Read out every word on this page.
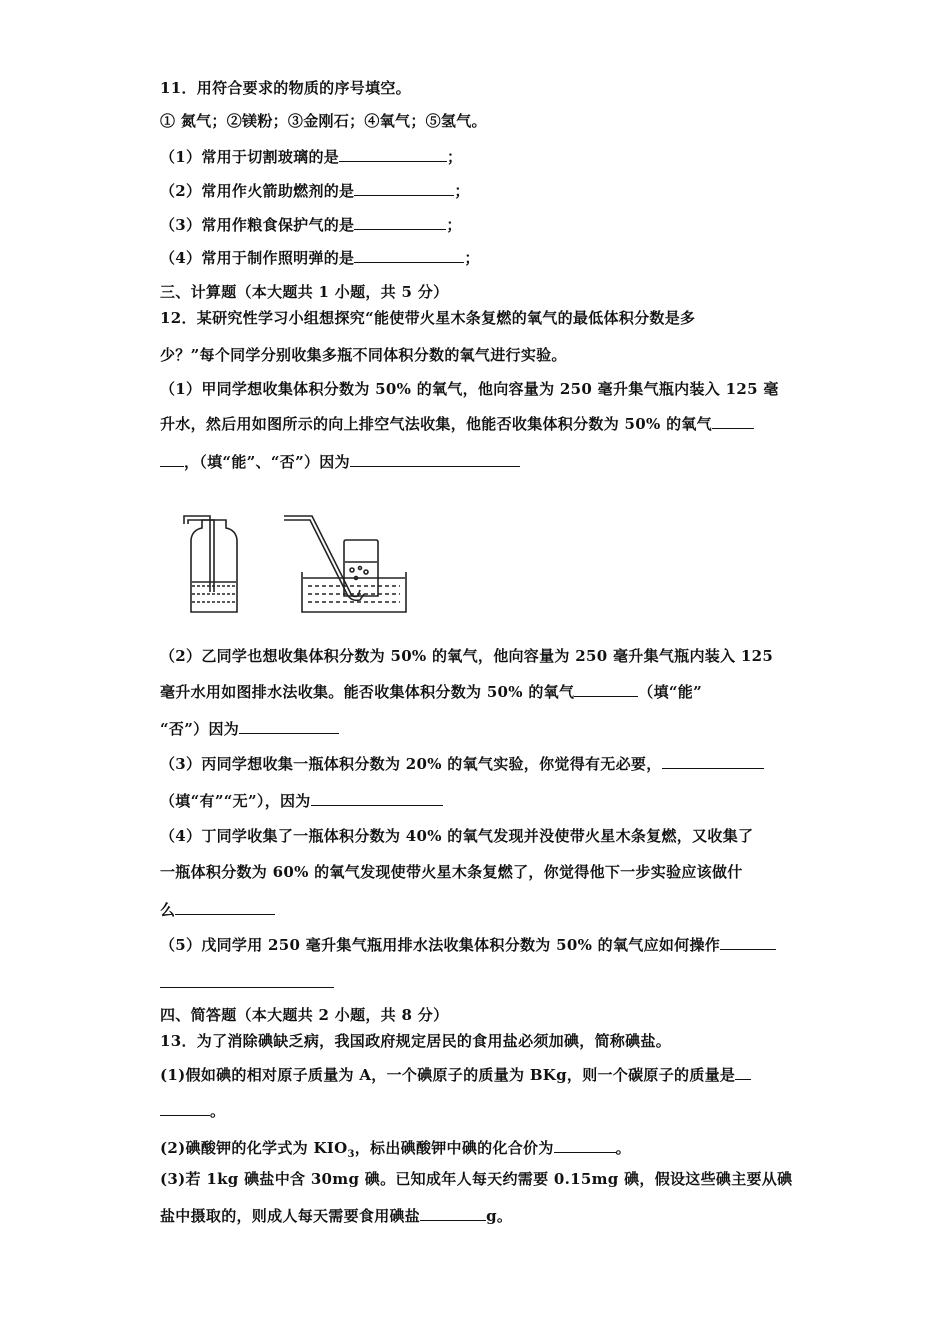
11．用符合要求的物质的序号填空。
① 氮气；②镁粉；③金刚石；④氧气；⑤氢气。
（1）常用于切割玻璃的是	；
（2）常用作火箭助燃剂的是	；
（3）常用作粮食保护气的是	；
（4）常用于制作照明弹的是	；
三、计算题（本大题共 1 小题，共 5 分）
12．某研究性学习小组想探究“能使带火星木条复燃的氧气的最低体积分数是多
少？”每个同学分别收集多瓶不同体积分数的氧气进行实验。
（1）甲同学想收集体积分数为 50% 的氧气，他向容量为 250 毫升集气瓶内装入 125 毫
升水，然后用如图所示的向上排空气法收集，他能否收集体积分数为 50% 的氧气
，（填“能”、“否”）因为
（2）乙同学也想收集体积分数为 50% 的氧气，他向容量为 250 毫升集气瓶内装入 125
毫升水用如图排水法收集。能否收集体积分数为 50% 的氧气	（填“能”
“否”）因为
（3）丙同学想收集一瓶体积分数为 20% 的氧气实验，你觉得有无必要，
（填“有”“无”），因为
（4）丁同学收集了一瓶体积分数为 40% 的氧气发现并没使带火星木条复燃，又收集了
一瓶体积分数为 60% 的氧气发现使带火星木条复燃了，你觉得他下一步实验应该做什
么
（5）戊同学用 250 毫升集气瓶用排水法收集体积分数为 50% 的氧气应如何操作
四、简答题（本大题共 2 小题，共 8 分）
13．为了消除碘缺乏病，我国政府规定居民的食用盐必须加碘，简称碘盐。
(1)假如碘的相对原子质量为 A，一个碘原子的质量为 BKg，则一个碳原子的质量是
。
(2)碘酸钾的化学式为 $KIO_3$，标出碘酸钾中碘的化合价为	。
(3)若 1kg 碘盐中含 30mg 碘。已知成年人每天约需要 0.15mg 碘，假设这些碘主要从碘
盐中摄取的，则成人每天需要食用碘盐	g。
